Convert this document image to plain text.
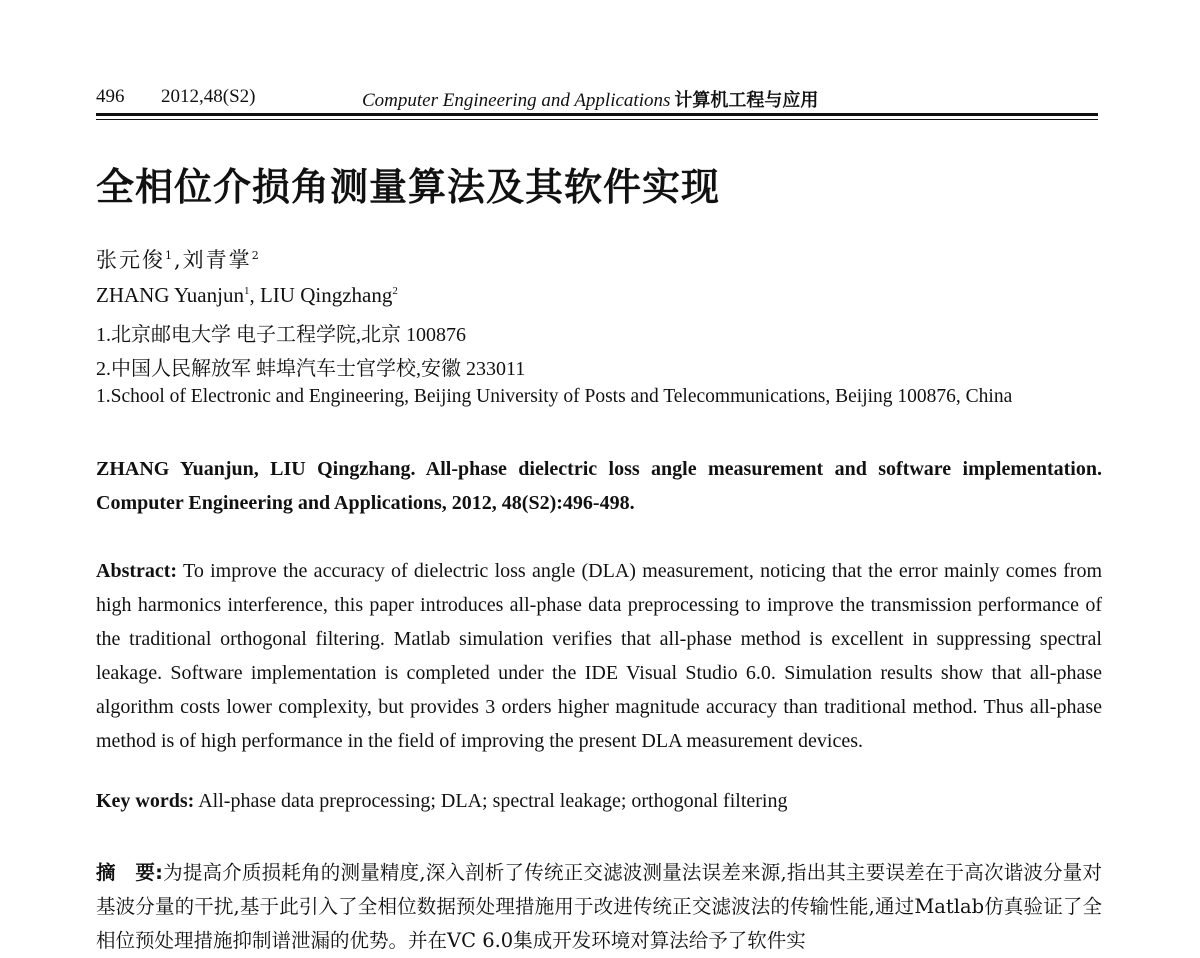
496 2012,48(S2)	Computer Engineering and Applications 计算机工程与应用
全相位介损角测量算法及其软件实现
张元俊$^1$,刘青掌$^2$
ZHANG Yuanjun$^1$, LIU Qingzhang$^2$
1.北京邮电大学 电子工程学院,北京 100876
2.中国人民解放军 蚌埠汽车士官学校,安徽 233011
1.School of Electronic and Engineering, Beijing University of Posts and Telecommunications, Beijing 100876, China
ZHANG Yuanjun, LIU Qingzhang. All-phase dielectric loss angle measurement and software implementation. Computer Engineering and Applications, 2012, 48(S2):496-498.
Abstract: To improve the accuracy of dielectric loss angle (DLA) measurement, noticing that the error mainly comes from high harmonics interference, this paper introduces all-phase data preprocessing to improve the transmission performance of the traditional orthogonal filtering. Matlab simulation verifies that all-phase method is excellent in suppressing spectral leakage. Software implementation is completed under the IDE Visual Studio 6.0. Simulation results show that all-phase algorithm costs lower complexity, but provides 3 orders higher magnitude accuracy than traditional method. Thus all-phase method is of high performance in the field of improving the present DLA measurement devices.
Key words: All-phase data preprocessing; DLA; spectral leakage; orthogonal filtering
摘　要:为提高介质损耗角的测量精度,深入剖析了传统正交滤波测量法误差来源,指出其主要误差在于高次谐波分量对基波分量的干扰,基于此引入了全相位数据预处理措施用于改进传统正交滤波法的传输性能,通过Matlab仿真验证了全相位预处理措施抑制谱泄漏的优势。并在VC 6.0集成开发环境对算法给予了软件实
